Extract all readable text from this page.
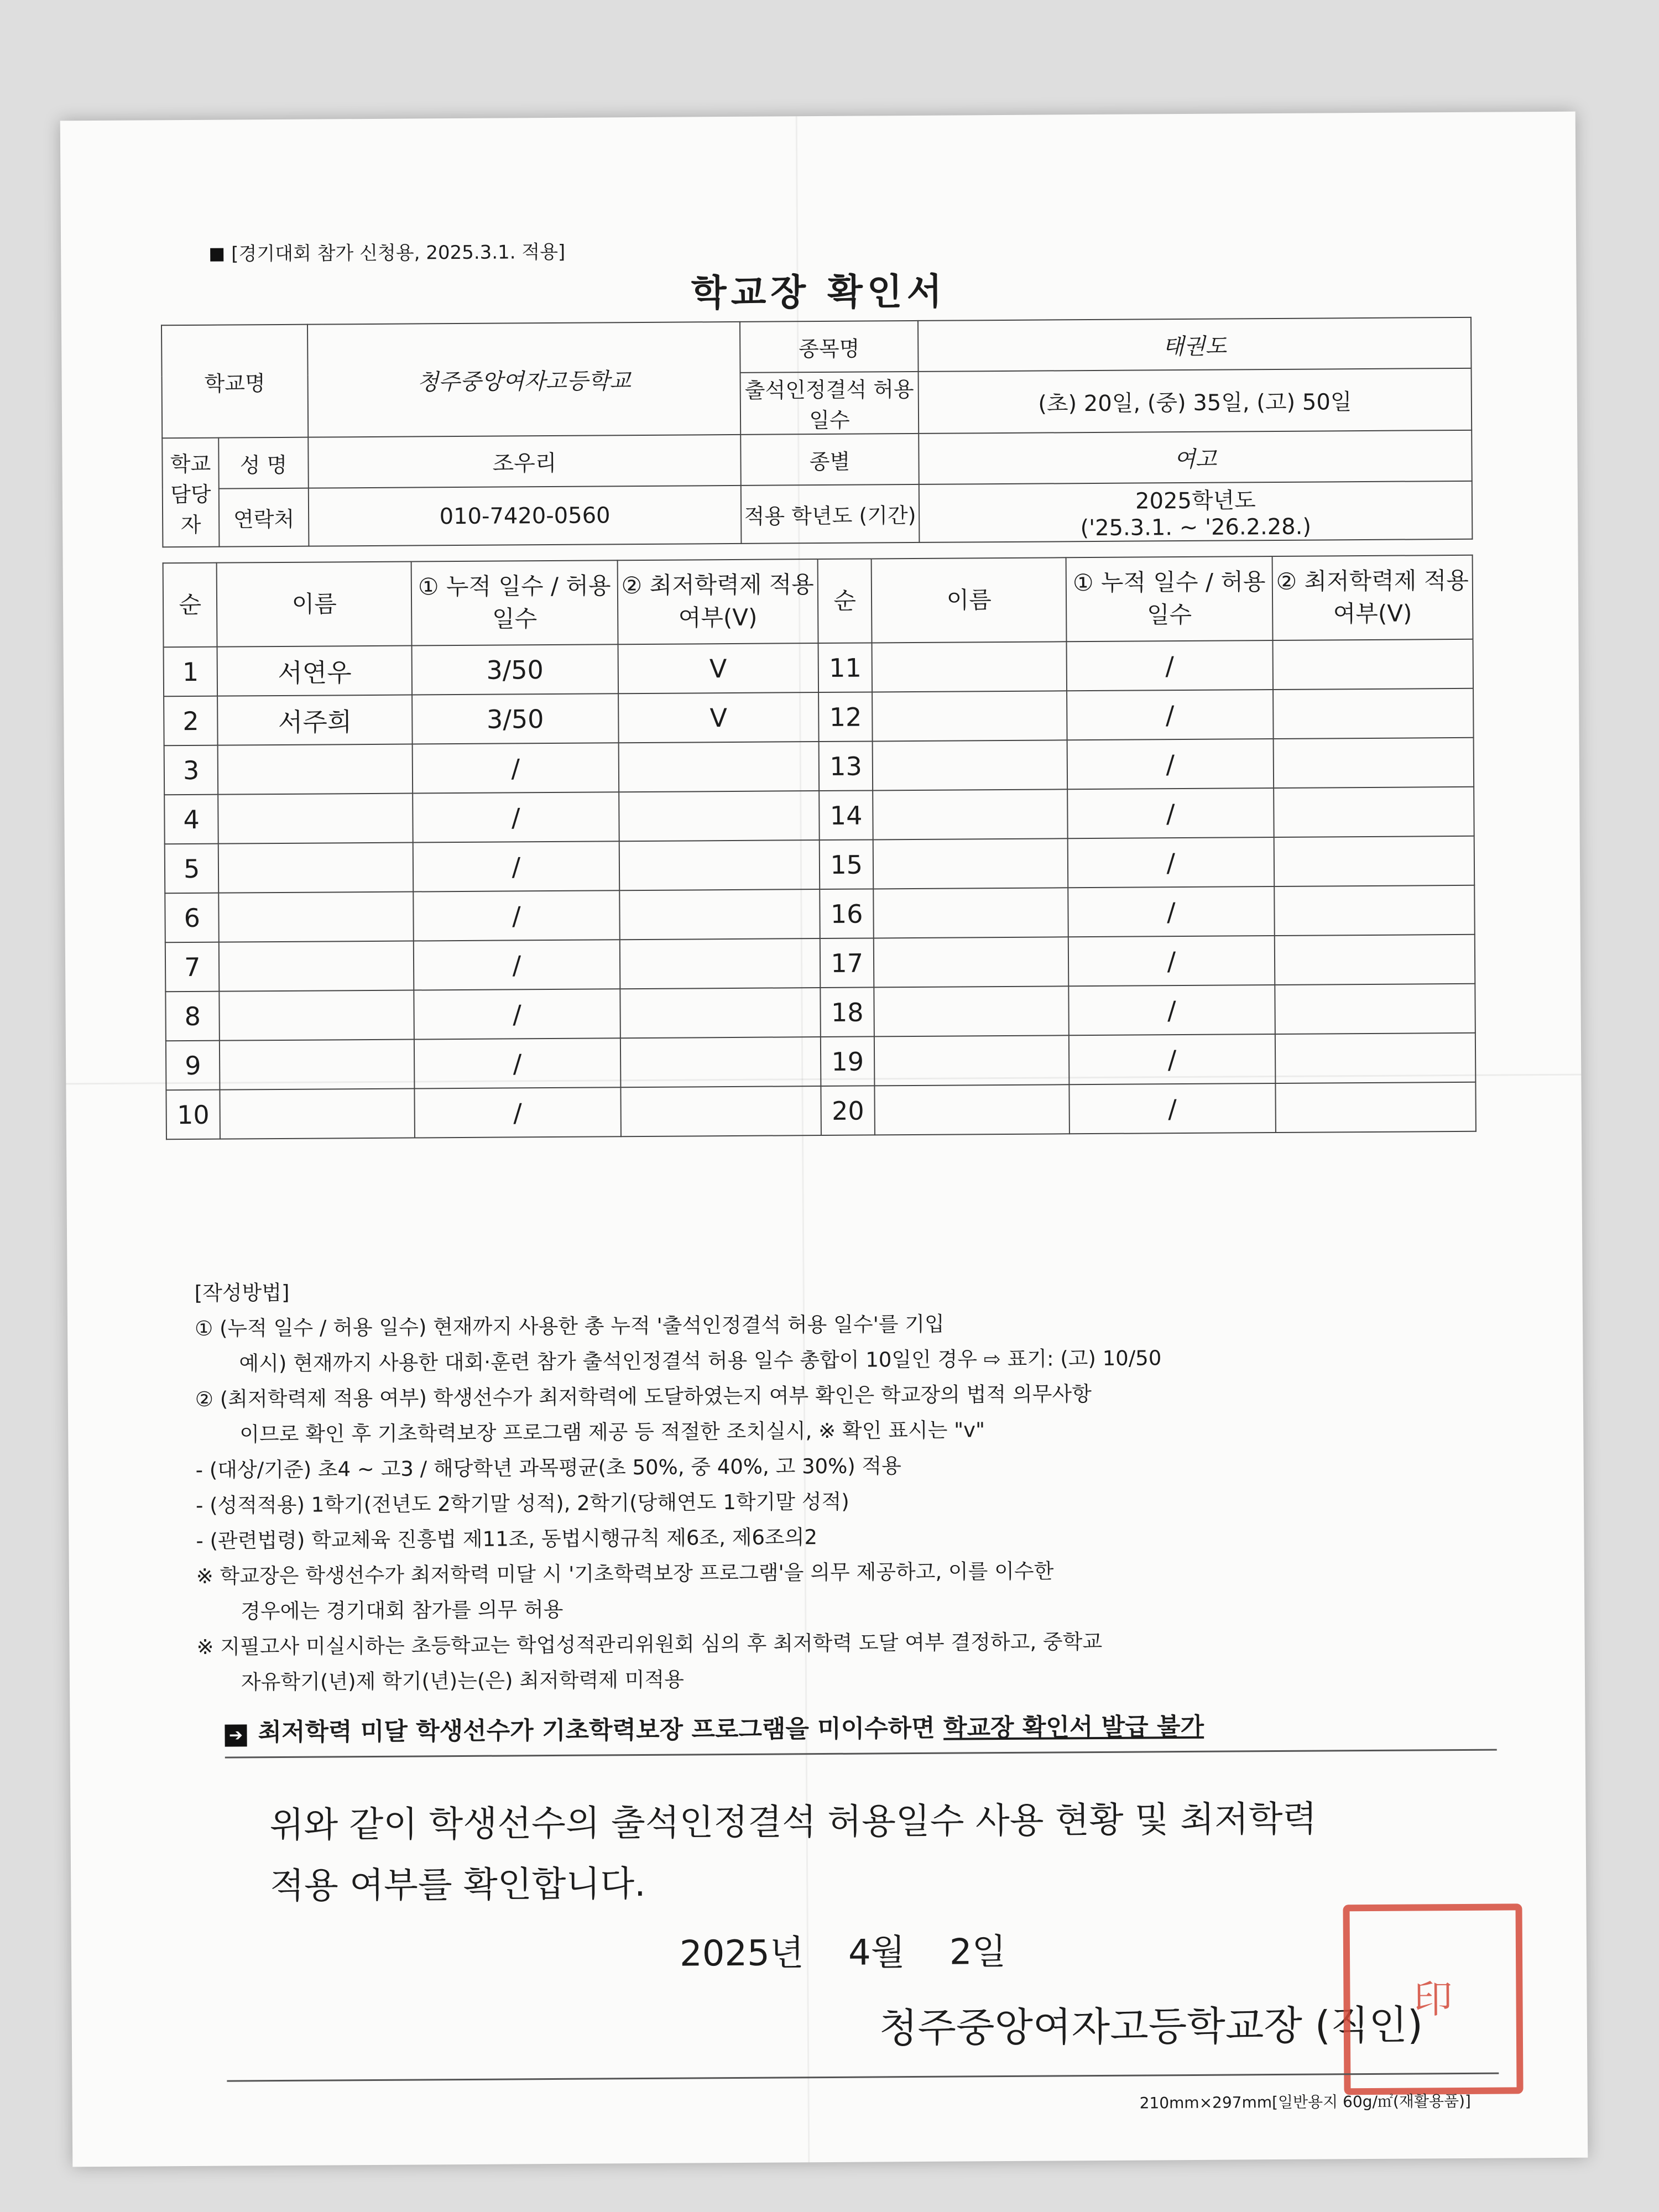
[경기대회 참가 신청용, 2025.3.1. 적용]
학교장 확인서
학교명		청주중앙여자고등학교	종목명	태권도
			출석인정결석 허용 일수	(초) 20일, (중) 35일, (고) 50일
학교 담당자	성 명	조우리	종별	여고
	연락처	010-7420-0560	적용 학년도 (기간)	2025학년도
('25.3.1. ~ '26.2.28.)
순	이름	① 누적 일수 / 허용 일수	② 최저학력제 적용 여부(V)	순	이름	① 누적 일수 / 허용 일수	② 최저학력제 적용 여부(V)
1	서연우	3/50	V	11		/	
2	서주희	3/50	V	12		/	
3		/		13		/	
4		/		14		/	
5		/		15		/	
6		/		16		/	
7		/		17		/	
8		/		18		/	
9		/		19		/	
10		/		20		/	
[작성방법]
① (누적 일수 / 허용 일수) 현재까지 사용한 총 누적 '출석인정결석 허용 일수'를 기입
예시) 현재까지 사용한 대회·훈련 참가 출석인정결석 허용 일수 총합이 10일인 경우 ⇨ 표기: (고) 10/50
② (최저학력제 적용 여부) 학생선수가 최저학력에 도달하였는지 여부 확인은 학교장의 법적 의무사항
이므로 확인 후 기초학력보장 프로그램 제공 등 적절한 조치실시, ※ 확인 표시는 "v"
- (대상/기준) 초4 ~ 고3 / 해당학년 과목평균(초 50%, 중 40%, 고 30%) 적용
- (성적적용) 1학기(전년도 2학기말 성적), 2학기(당해연도 1학기말 성적)
- (관련법령) 학교체육 진흥법 제11조, 동법시행규칙 제6조, 제6조의2
※ 학교장은 학생선수가 최저학력 미달 시 '기초학력보장 프로그램'을 의무 제공하고, 이를 이수한
경우에는 경기대회 참가를 의무 허용
※ 지필고사 미실시하는 초등학교는 학업성적관리위원회 심의 후 최저학력 도달 여부 결정하고, 중학교
자유학기(년)제 학기(년)는(은) 최저학력제 미적용
➔ 최저학력 미달 학생선수가 기초학력보장 프로그램을 미이수하면 학교장 확인서 발급 불가
위와 같이 학생선수의 출석인정결석 허용일수 사용 현황 및 최저학력
적용 여부를 확인합니다.
2025년 4월 2일
청주중앙여자고등학교장 (직인)
印
210mm×297mm[일반용지 60g/㎡(재활용품)]
